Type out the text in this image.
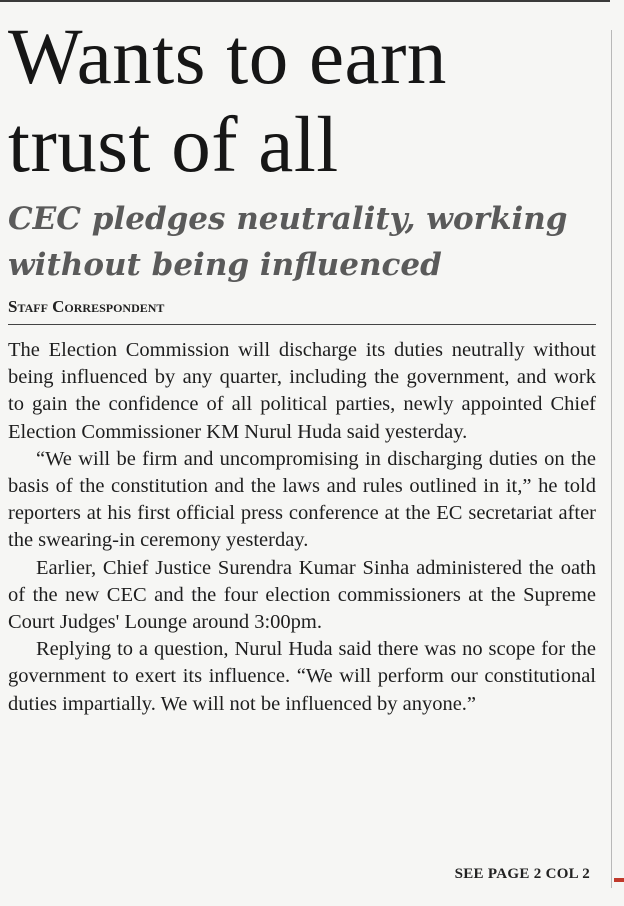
Wants to earn trust of all
CEC pledges neutrality, working without being influenced
Staff Correspondent

The Election Commission will discharge its duties neutrally without being influenced by any quarter, including the government, and work to gain the confidence of all political parties, newly appointed Chief Election Commissioner KM Nurul Huda said yesterday.

“We will be firm and uncompromising in discharging duties on the basis of the constitution and the laws and rules outlined in it,” he told reporters at his first official press conference at the EC secretariat after the swearing-in ceremony yesterday.

Earlier, Chief Justice Surendra Kumar Sinha administered the oath of the new CEC and the four election commissioners at the Supreme Court Judges' Lounge around 3:00pm.

Replying to a question, Nurul Huda said there was no scope for the government to exert its influence. “We will perform our constitutional duties impartially. We will not be influenced by anyone.”

SEE PAGE 2 COL 2
